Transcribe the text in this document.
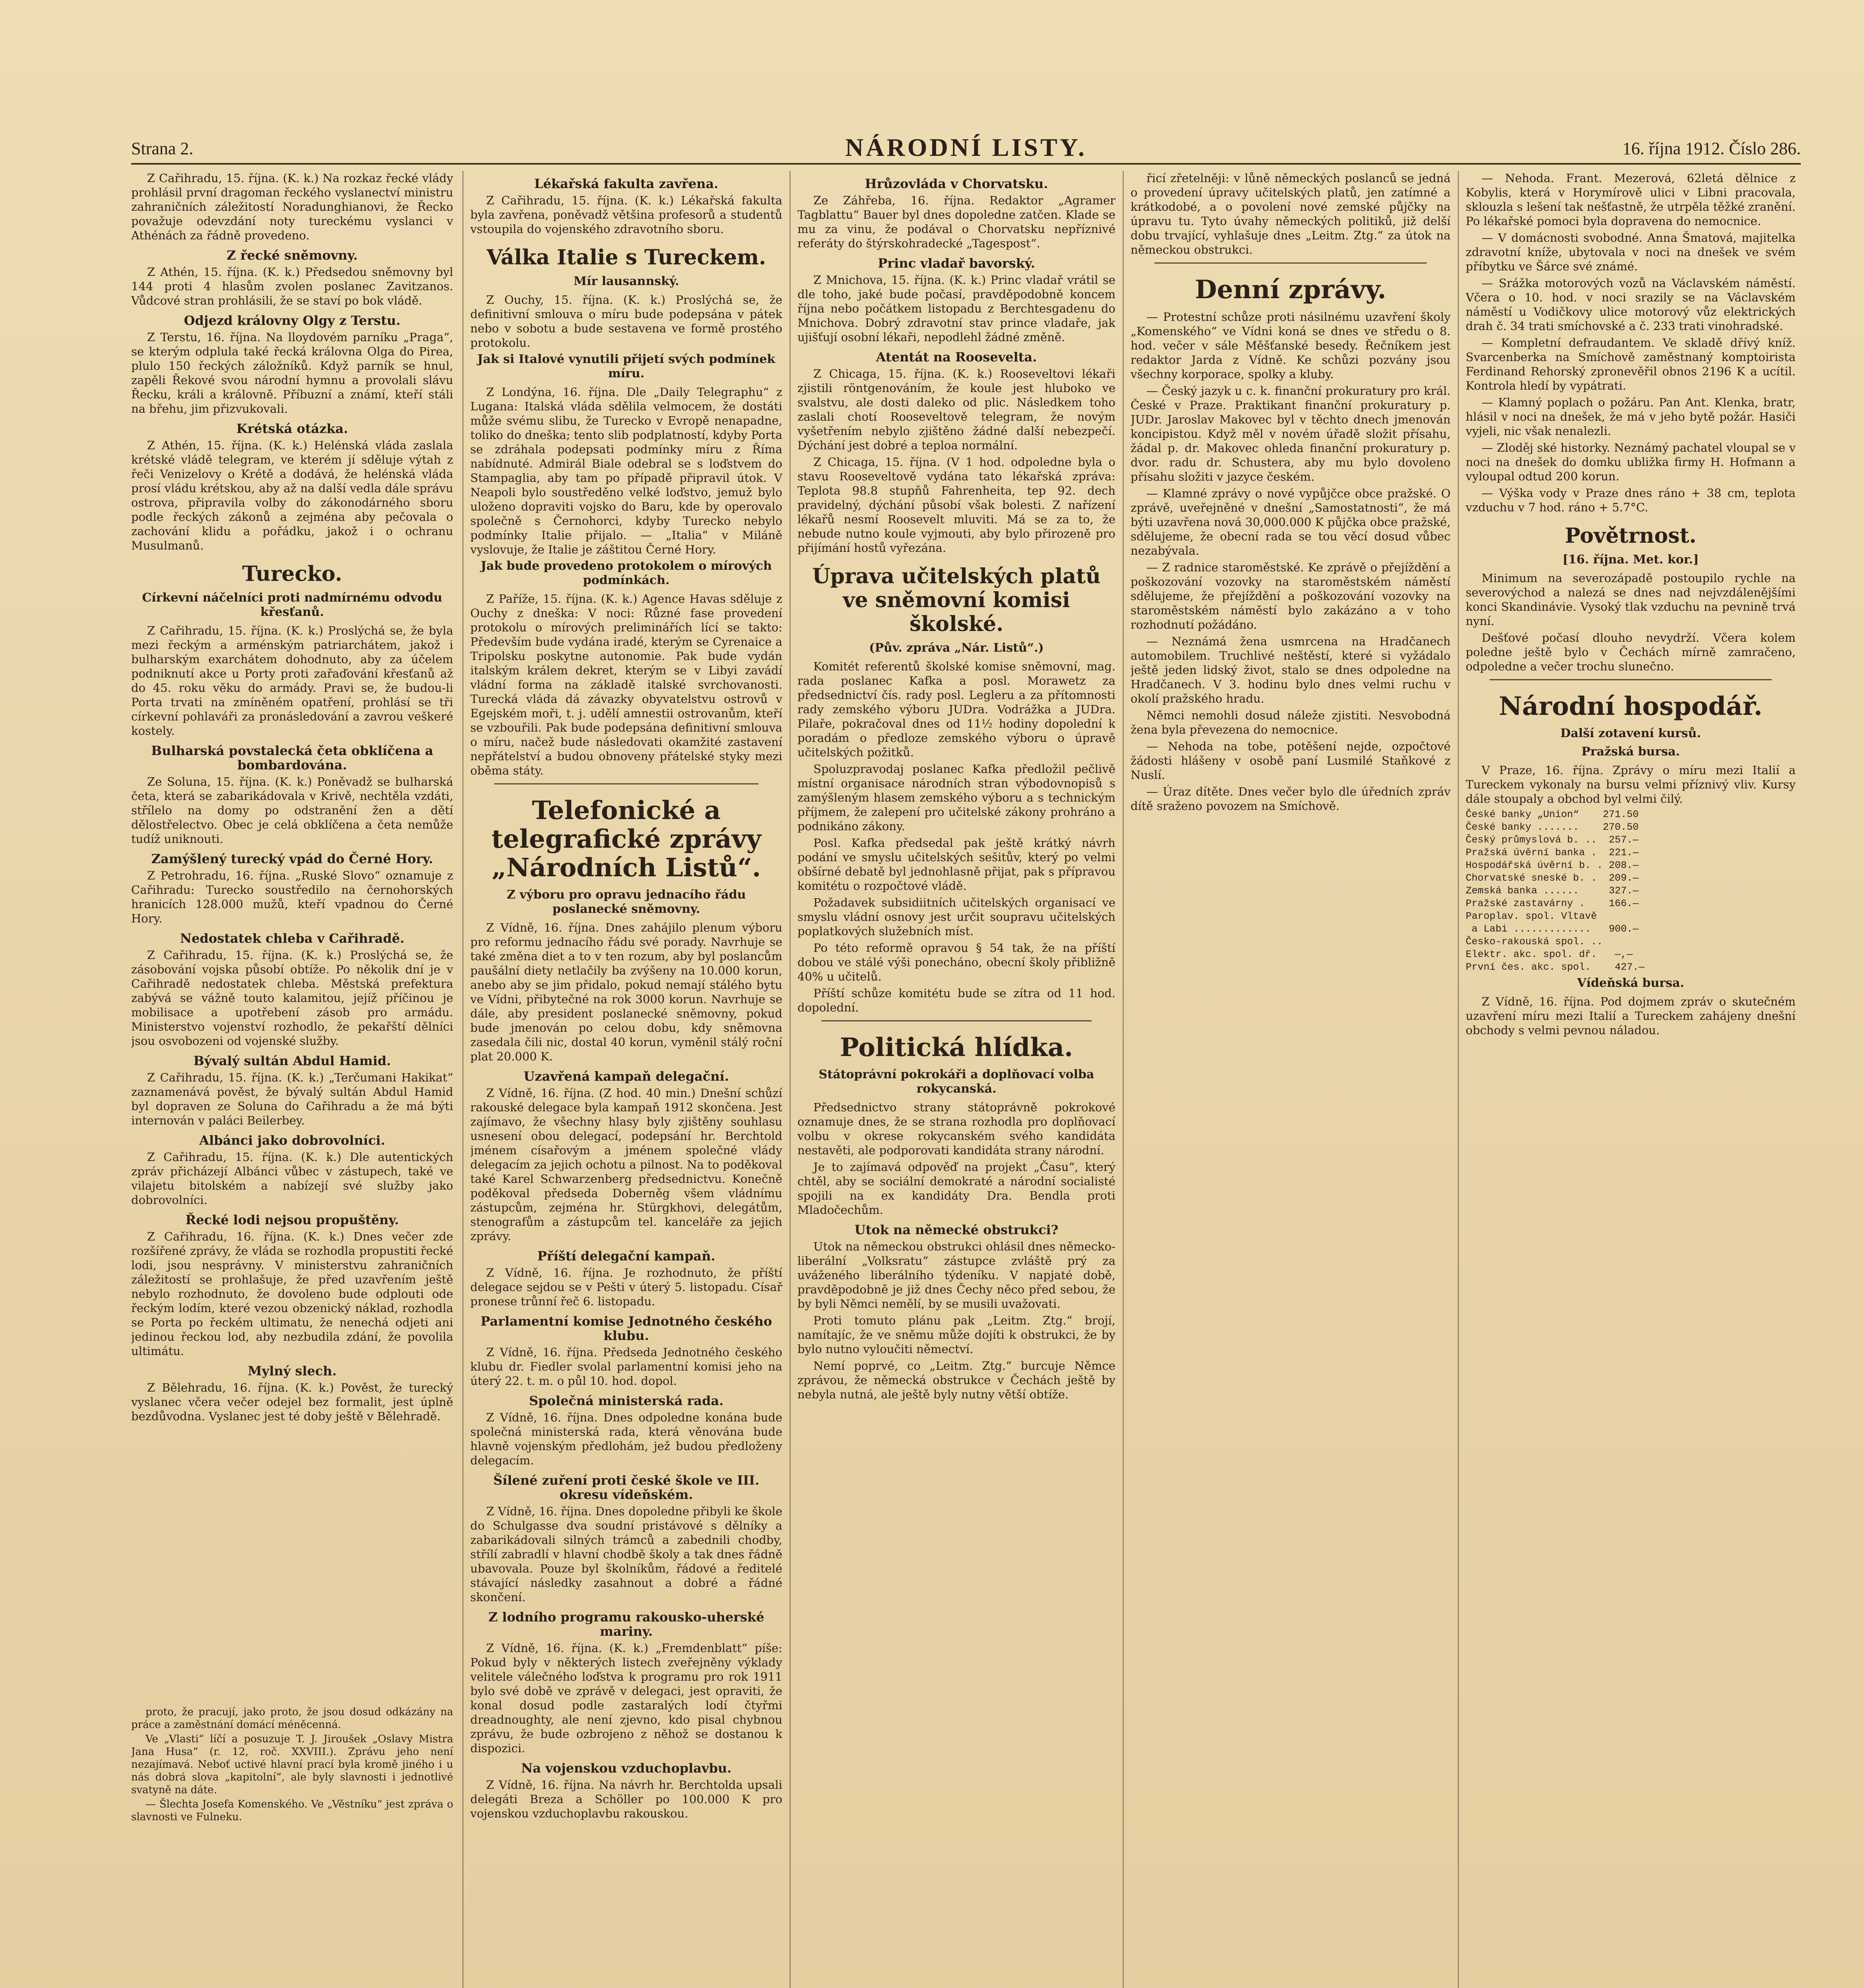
Strana 2.	NÁRODNÍ LISTY.	16. října 1912. Číslo 286.

Z Cařihradu, 15. října. (K. k.) Na rozkaz řecké vlády prohlásil první dragoman řeckého vyslanectví ministru zahraničních záležitostí Noradunghianovi, že Řecko považuje odevzdání noty tureckému vyslanci v Athénách za řádně provedeno.

Z řecké sněmovny.

Z Athén, 15. října. (K. k.) Předsedou sněmovny byl 144 proti 4 hlasům zvolen poslanec Zavitzanos. Vůdcové stran prohlásili, že se staví po bok vládě.

Odjezd královny Olgy z Terstu.

Z Terstu, 16. října. Na lloydovém parníku „Praga“, se kterým odplula také řecká královna Olga do Pirea, plulo 150 řeckých záložníků. Když parník se hnul, zapěli Řekové svou národní hymnu a provolali slávu Řecku, králi a královně. Příbuzní a známí, kteří stáli na břehu, jim přizvukovali.

Krétská otázka.

Z Athén, 15. října. (K. k.) Helénská vláda zaslala krétské vládě telegram, ve kterém jí sděluje výtah z řeči Venizelovy o Krétě a dodává, že helénská vláda prosí vládu krétskou, aby až na další vedla dále správu ostrova, připravila volby do zákonodárného sboru podle řeckých zákonů a zejména aby pečovala o zachování klidu a pořádku, jakož i o ochranu Musulmanů.

Turecko.

Církevní náčelníci proti nadmírnému odvodu křesťanů.

Z Cařihradu, 15. října. (K. k.) Proslýchá se, že byla mezi řeckým a arménským patriarchátem, jakož i bulharským exarchátem dohodnuto, aby za účelem podniknutí akce u Porty proti zařaďování křesťanů až do 45. roku věku do armády. Pravi se, že budou-li Porta trvati na zmíněném opatření, prohlásí se tři církevní pohlaváři za pronásledování a zavrou veškeré kostely.

Bulharská povstalecká četa obklíčena a bombardována.

Ze Soluna, 15. října. (K. k.) Poněvadž se bulharská četa, která se zabarikádovala v Krivě, nechtěla vzdáti, střílelo na domy po odstranění žen a dětí dělostřelectvo. Obec je celá obklíčena a četa nemůže tudíž uniknouti.

Zamýšlený turecký vpád do Černé Hory.

Z Petrohradu, 16. října. „Ruské Slovo“ oznamuje z Cařihradu: Turecko soustředilo na černohorských hranicích 128.000 mužů, kteří vpadnou do Černé Hory.

Nedostatek chleba v Cařihradě.

Z Cařihradu, 15. října. (K. k.) Proslýchá se, že zásobování vojska působí obtíže. Po několik dní je v Cařihradě nedostatek chleba. Městská prefektura zabývá se vážně touto kalamitou, jejíž příčinou je mobilisace a upotřebení zásob pro armádu. Ministerstvo vojenství rozhodlo, že pekařští dělníci jsou osvobozeni od vojenské služby.

Bývalý sultán Abdul Hamid.

Z Cařihradu, 15. října. (K. k.) „Terčumani Hakikat“ zaznamenává pověst, že bývalý sultán Abdul Hamid byl dopraven ze Soluna do Cařihradu a že má býti internován v paláci Beilerbey.

Albánci jako dobrovolníci.

Z Cařihradu, 15. října. (K. k.) Dle autentických zpráv přicházejí Albánci vůbec v zástupech, také ve vilajetu bitolském a nabízejí své služby jako dobrovolníci.

Řecké lodi nejsou propuštěny.

Z Cařihradu, 16. října. (K. k.) Dnes večer zde rozšířené zprávy, že vláda se rozhodla propustiti řecké lodi, jsou nesprávny. V ministerstvu zahraničních záležitostí se prohlašuje, že před uzavřením ještě nebylo rozhodnuto, že dovoleno bude odplouti ode řeckým lodím, které vezou obzenický náklad, rozhodla se Porta po řeckém ultimatu, že nenechá odjeti ani jedinou řeckou lod, aby nezbudila zdání, že povolila ultimátu.

Mylný slech.

Z Bělehradu, 16. října. (K. k.) Pověst, že turecký vyslanec včera večer odejel bez formalit, jest úplně bezdůvodna. Vyslanec jest té doby ještě v Bělehradě.

Lékařská fakulta zavřena.

Z Cařihradu, 15. října. (K. k.) Lékařská fakulta byla zavřena, poněvadž většina profesorů a studentů vstoupila do vojenského zdravotního sboru.

Válka Italie s Tureckem.

Mír lausannský.

Z Ouchy, 15. října. (K. k.) Proslýchá se, že definitivní smlouva o míru bude podepsána v pátek nebo v sobotu a bude sestavena ve formě prostého protokolu.

Jak si Italové vynutili přijetí svých podmínek míru.

Z Londýna, 16. října. Dle „Daily Telegraphu“ z Lugana: Italská vláda sdělila velmocem, že dostáti může svému slibu, že Turecko v Evropě nenapadne, toliko do dneška; tento slib podplatností, kdyby Porta se zdráhala podepsati podmínky míru z Říma nabídnuté. Admirál Biale odebral se s loďstvem do Stampaglia, aby tam po případě připravil útok. V Neapoli bylo soustředěno velké loďstvo, jemuž bylo uloženo dopraviti vojsko do Baru, kde by operovalo společně s Černohorci, kdyby Turecko nebylo podmínky Italie přijalo. — „Italia“ v Miláně vyslovuje, že Italie je záštitou Černé Hory.

Jak bude provedeno protokolem o mírových podmínkách.

Z Paříže, 15. října. (K. k.) Agence Havas sděluje z Ouchy z dneška: V noci: Různé fase provedení protokolu o mírových preliminářích lící se takto: Především bude vydána iradé, kterým se Cyrenaice a Tripolsku poskytne autonomie. Pak bude vydán italským králem dekret, kterým se v Libyi zavádí vládní forma na základě italské svrchovanosti. Turecká vláda dá závazky obyvatelstvu ostrovů v Egejském moři, t. j. udělí amnestii ostrovanům, kteří se vzbouřili. Pak bude podepsána definitivní smlouva o míru, načež bude následovati okamžité zastavení nepřátelství a budou obnoveny přátelské styky mezi oběma státy.

Telefonické a telegrafické zprávy „Národních Listů“.

Z výboru pro opravu jednacího řádu poslanecké sněmovny.

Z Vídně, 16. října. Dnes zahájilo plenum výboru pro reformu jednacího řádu své porady. Navrhuje se také změna diet a to v ten rozum, aby byl poslancům paušální diety netlačily ba zvýšeny na 10.000 korun, anebo aby se jim přidalo, pokud nemají stálého bytu ve Vídni, přibytečné na rok 3000 korun. Navrhuje se dále, aby president poslanecké sněmovny, pokud bude jmenován po celou dobu, kdy sněmovna zasedala čili nic, dostal 40 korun, vyměnil stálý roční plat 20.000 K.

Uzavřená kampaň delegační.

Z Vídně, 16. října. (Z hod. 40 min.) Dnešní schůzí rakouské delegace byla kampaň 1912 skončena. Jest zajímavo, že všechny hlasy byly zjištěny souhlasu usnesení obou delegací, podepsání hr. Berchtold jménem císařovým a jménem společné vlády delegacím za jejich ochotu a pilnost. Na to poděkoval také Karel Schwarzenberg předsednictvu. Konečně poděkoval předseda Doberněg všem vládnímu zástupcům, zejména hr. Stürgkhovi, delegátům, stenografům a zástupcům tel. kanceláře za jejich zprávy.

Příští delegační kampaň.

Z Vídně, 16. října. Je rozhodnuto, že příští delegace sejdou se v Pešti v úterý 5. listopadu. Císař pronese trůnní řeč 6. listopadu.

Parlamentní komise Jednotného českého klubu.

Z Vídně, 16. října. Předseda Jednotného českého klubu dr. Fiedler svolal parlamentní komisi jeho na úterý 22. t. m. o půl 10. hod. dopol.

Společná ministerská rada.

Z Vídně, 16. října. Dnes odpoledne konána bude společná ministerská rada, která věnována bude hlavně vojenským předlohám, jež budou předloženy delegacím.

Šílené zuření proti české škole ve III. okresu vídeňském.

Z Vídně, 16. října. Dnes dopoledne přibyli ke škole do Schulgasse dva soudní pristávové s dělníky a zabarikádovali silných trámců a zabednili chodby, střílí zabradlí v hlavní chodbě školy a tak dnes řádně ubavovala. Pouze byl školníkům, řádové a ředitelé stávající následky zasahnout a dobré a řádné skončení.

Z lodního programu rakousko-uherské mariny.

Z Vídně, 16. října. (K. k.) „Fremdenblatt“ píše: Pokud byly v některých listech zveřejněny výklady velitele válečného loďstva k programu pro rok 1911 bylo své době ve zprávě v delegaci, jest opraviti, že konal dosud podle zastaralých lodí čtyřmi dreadnoughty, ale není zjevno, kdo pisal chybnou zprávu, že bude ozbrojeno z něhož se dostanou k dispozici.

Na vojenskou vzduchoplavbu.

Z Vídně, 16. října. Na návrh hr. Berchtolda upsali delegáti Breza a Schöller po 100.000 K pro vojenskou vzduchoplavbu rakouskou.

Hrůzovláda v Chorvatsku.

Ze Záhřeba, 16. října. Redaktor „Agramer Tagblattu“ Bauer byl dnes dopoledne zatčen. Klade se mu za vinu, že podával o Chorvatsku nepříznivé referáty do štýrskohradecké „Tagespost“.

Princ vladař bavorský.

Z Mnichova, 15. října. (K. k.) Princ vladař vrátil se dle toho, jaké bude počasí, pravděpodobně koncem října nebo počátkem listopadu z Berchtesgadenu do Mnichova. Dobrý zdravotní stav prince vladaře, jak ujišťují osobní lékaři, nepodlehl žádné změně.

Atentát na Roosevelta.

Z Chicaga, 15. října. (K. k.) Rooseveltovi lékaři zjistili röntgenováním, že koule jest hluboko ve svalstvu, ale dosti daleko od plic. Následkem toho zaslali chotí Rooseveltově telegram, že novým vyšetřením nebylo zjištěno žádné další nebezpečí. Dýchání jest dobré a teploa normální.

Z Chicaga, 15. října. (V 1 hod. odpoledne byla o stavu Rooseveltově vydána tato lékařská zpráva: Teplota 98.8 stupňů Fahrenheita, tep 92. dech pravidelný, dýchání působí však bolesti. Z nařízení lékařů nesmí Roosevelt mluviti. Má se za to, že nebude nutno koule vyjmouti, aby bylo přirozeně pro přijímání hostů vyřezána.

Úprava učitelských platů ve sněmovní komisi školské.

(Pův. zpráva „Nár. Listů“.)

Komitét referentů školské komise sněmovní, mag. rada poslanec Kafka a posl. Morawetz za předsednictví čís. rady posl. Legleru a za přítomnosti rady zemského výboru JUDra. Vodrážka a JUDra. Pilaře, pokračoval dnes od 11½ hodiny dopolední k poradám o předloze zemského výboru o úpravě učitelských požitků.

Spoluzpravodaj poslanec Kafka předložil pečlivě místní organisace národních stran výbodovnopisů s zamýšleným hlasem zemského výboru a s technickým příjmem, že zalepení pro učitelské zákony prohráno a podnikáno zákony.

Posl. Kafka předsedal pak ještě krátký návrh podání ve smyslu učitelských sešitův, který po velmi obšírné debatě byl jednohlasně přijat, pak s přípravou komitétu o rozpočtové vládě.

Požadavek subsidiitních učitelských organisací ve smyslu vládní osnovy jest určit soupravu učitelských poplatkových služebních míst.

Po této reformě opravou § 54 tak, že na příští dobou ve stálé výši ponecháno, obecní školy přibližně 40% u učitelů.

Příští schůze komitétu bude se zítra od 11 hod. dopolední.

Politická hlídka.

Státoprávní pokrokáři a doplňovací volba rokycanská.

Předsednictvo strany státoprávně pokrokové oznamuje dnes, že se strana rozhodla pro doplňovací volbu v okrese rokycanském svého kandidáta nestavěti, ale podporovati kandidáta strany národní.

Je to zajímavá odpověď na projekt „Času“, který chtěl, aby se sociální demokraté a národní socialisté spojili na ex kandidáty Dra. Bendla proti Mladočechům.

Utok na německé obstrukci?

Utok na německou obstrukci ohlásil dnes německo-liberální „Volksratu“ zástupce zvláště prý za uváženého liberálního týdeníku. V napjaté době, pravděpodobně je již dnes Čechy něco před sebou, že by byli Němci nemělí, by se musili uvažovati.

Proti tomuto plánu pak „Leitm. Ztg.“ brojí, namítajíc, že ve sněmu může dojíti k obstrukci, že by bylo nutno vyloučiti němectví.

Nemí poprvé, co „Leitm. Ztg.“ burcuje Němce zprávou, že německá obstrukce v Čechách ještě by nebyla nutná, ale ještě byly nutny větší obtíže.

řicí zřetelněji: v lůně německých poslanců se jedná o provedení úpravy učitelských platů, jen zatímné a krátkodobé, a o povolení nové zemské půjčky na úpravu tu. Tyto úvahy německých politiků, již delší dobu trvající, vyhlašuje dnes „Leitm. Ztg.“ za útok na německou obstrukci.

Denní zprávy.

— Protestní schůze proti násilnému uzavření školy „Komenského“ ve Vídni koná se dnes ve středu o 8. hod. večer v sále Měšťanské besedy. Řečníkem jest redaktor Jarda z Vídně. Ke schůzi pozvány jsou všechny korporace, spolky a kluby.

— Český jazyk u c. k. finanční prokuratury pro král. České v Praze. Praktikant finanční prokuratury p. JUDr. Jaroslav Makovec byl v těchto dnech jmenován koncipistou. Když měl v novém úřadě složit přísahu, žádal p. dr. Makovec ohleda finanční prokuratury p. dvor. radu dr. Schustera, aby mu bylo dovoleno přísahu složiti v jazyce českém.

— Klamné zprávy o nové vypůjčce obce pražské. O zprávě, uveřejněné v dnešní „Samostatnosti“, že má býti uzavřena nová 30,000.000 K půjčka obce pražské, sdělujeme, že obecní rada se tou věcí dosud vůbec nezabývala.

— Z radnice staroměstské. Ke zprávě o přejíždění a poškozování vozovky na staroměstském náměstí sdělujeme, že přejíždění a poškozování vozovky na staroměstském náměstí bylo zakázáno a v toho rozhodnutí požádáno.

— Neznámá žena usmrcena na Hradčanech automobilem. Truchlivé neštěstí, které si vyžádalo ještě jeden lidský život, stalo se dnes odpoledne na Hradčanech. V 3. hodinu bylo dnes velmi ruchu v okolí pražského hradu.

Němci nemohli dosud náleže zjistiti. Nesvobodná žena byla převezena do nemocnice.

— Nehoda na tobe, potěšení nejde, ozpočtové žádosti hlášeny v osobě paní Lusmilé Staňkové z Nuslí.

— Úraz dítěte. Dnes večer bylo dle úředních zpráv dítě sraženo povozem na Smíchově.

— Nehoda. Frant. Mezerová, 62letá dělnice z Kobylis, která v Horymírově ulici v Libni pracovala, sklouzla s lešení tak nešťastně, že utrpěla těžké zranění. Po lékařské pomoci byla dopravena do nemocnice.

— V domácnosti svobodné. Anna Šmatová, majitelka zdravotní kníže, ubytovala v noci na dnešek ve svém příbytku ve Šárce své známé.

— Srážka motorových vozů na Václavském náměstí. Včera o 10. hod. v noci srazily se na Václavském náměstí u Vodičkovy ulice motorový vůz elektrických drah č. 34 trati smíchovské a č. 233 trati vinohradské.

— Kompletní defraudantem. Ve skladě dřívý kníž. Svarcenberka na Smíchově zaměstnaný komptoirista Ferdinand Rehorský zpronevěřil obnos 2196 K a ucítil. Kontrola hledí by vypátrati.

— Klamný poplach o požáru. Pan Ant. Klenka, bratr, hlásil v noci na dnešek, že má v jeho bytě požár. Hasiči vyjeli, nic však nenalezli.

— Zloděj ské historky. Neznámý pachatel vloupal se v noci na dnešek do domku ubližka firmy H. Hofmann a vyloupal odtud 200 korun.

— Výška vody v Praze dnes ráno + 38 cm, teplota vzduchu v 7 hod. ráno + 5.7°C.

Povětrnost.

[16. října. Met. kor.]

Minimum na severozápadě postoupilo rychle na severovýchod a nalezá se dnes nad nejvzdálenějšími konci Skandinávie. Vysoký tlak vzduchu na pevnině trvá nyní.

Dešťové počasí dlouho nevydrží. Včera kolem poledne ještě bylo v Čechách mírně zamračeno, odpoledne a večer trochu slunečno.

Národní hospodář.

Další zotavení kursů.

Pražská bursa.

V Praze, 16. října. Zprávy o míru mezi Italií a Tureckem vykonaly na bursu velmi příznivý vliv. Kursy dále stoupaly a obchod byl velmi čilý.

České banky „Union“    271.50
České banky .......    270.50
Český průmyslová b. ..  257.—
Pražská úvěrní banka .  221.—
Hospodářská úvěrní b. . 208.—
Chorvatské sneské b. .  209.—
Zemská banka ......     327.—
Pražské zastavárny .    166.—
Paroplav. spol. Vltavě
a Labi .............   900.—
Česko-rakouská spol. ..
Elektr. akc. spol. dř.   —,—
První čes. akc. spol.    427.—

Vídeňská bursa.

Z Vídně, 16. října. Pod dojmem zpráv o skutečném uzavření míru mezi Italií a Tureckem zahájeny dnešní obchody s velmi pevnou náladou.

proto, že pracují, jako proto, že jsou dosud odkázány na práce a zaměstnání domácí méněcenná.

Ve „Vlasti“ líčí a posuzuje T. J. Jiroušek „Oslavy Mistra Jana Husa“ (r. 12, roč. XXVIII.). Zprávu jeho není nezajímavá. Neboť uctivé hlavní prací byla kromě jiného i u nás dobrá slova „kapitolní“, ale byly slavnosti i jednotlivé svatyně na dáte.

— Šlechta Josefa Komenského. Ve „Věstníku“ jest zpráva o slavnosti ve Fulneku.
